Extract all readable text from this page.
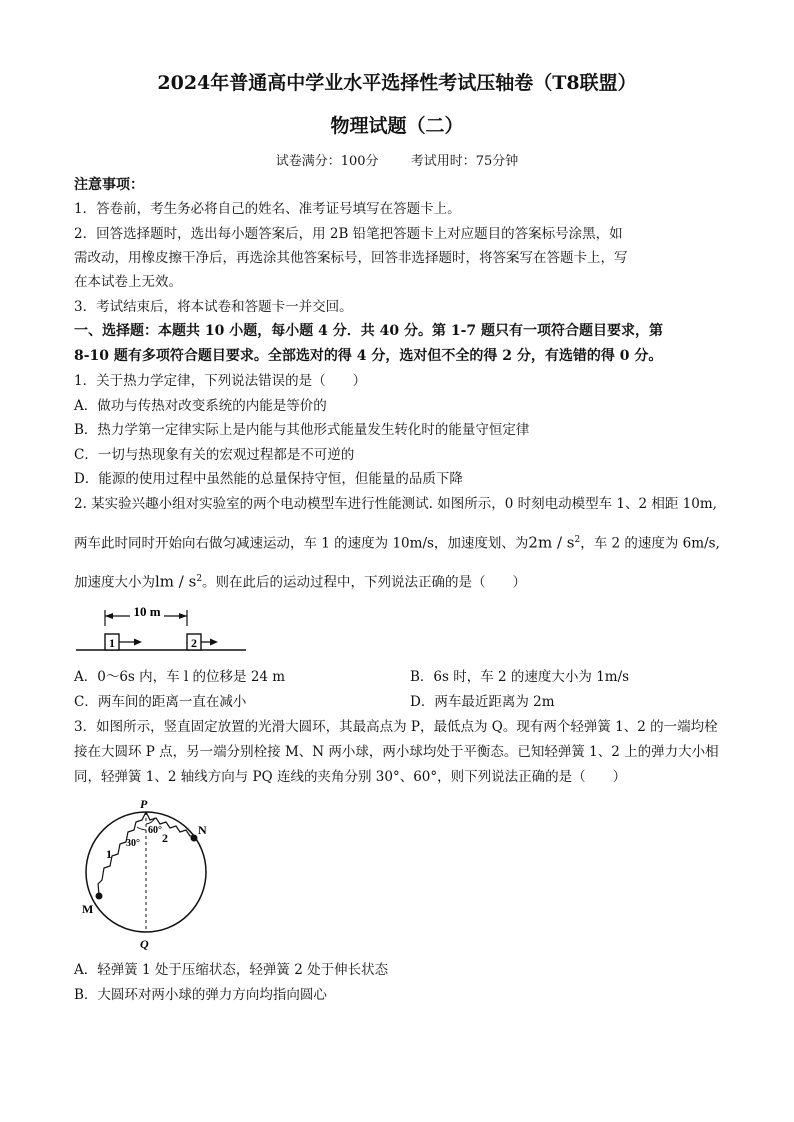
2024年普通高中学业水平选择性考试压轴卷（T8联盟）
物理试题（二）
试卷满分：100分 考试用时：75分钟
注意事项：
1．答卷前，考生务必将自己的姓名、准考证号填写在答题卡上。
2．回答选择题时，选出每小题答案后，用 2B 铅笔把答题卡上对应题目的答案标号涂黑，如
需改动，用橡皮擦干净后，再选涂其他答案标号，回答非选择题时，将答案写在答题卡上，写
在本试卷上无效。
3．考试结束后，将本试卷和答题卡一并交回。
一、选择题：本题共 10 小题，每小题 4 分．共 40 分。第 1-7 题只有一项符合题目要求，第
8-10 题有多项符合题目要求。全部选对的得 4 分，选对但不全的得 2 分，有选错的得 0 分。
1．关于热力学定律，下列说法错误的是（　　）
A．做功与传热对改变系统的内能是等价的
B．热力学第一定律实际上是内能与其他形式能量发生转化时的能量守恒定律
C．一切与热现象有关的宏观过程都是不可逆的
D．能源的使用过程中虽然能的总量保持守恒，但能量的品质下降
2. 某实验兴趣小组对实验室的两个电动模型车进行性能测试. 如图所示，0 时刻电动模型车 1、2 相距 10m,
两车此时同时开始向右做匀减速运动，车 1 的速度为 10m/s，加速度划、为$2m / s^2$，车 2 的速度为 6m/s,
加速度大小为lm / $s^2$。则在此后的运动过程中，下列说法正确的是（　　）
10 m
1	2
A．0～6s 内，车 l 的位移是 24 m	B．6s 时，车 2 的速度大小为 1m/s
C．两车间的距离一直在减小	D．两车最近距离为 2m
3．如图所示，竖直固定放置的光滑大圆环，其最高点为 P，最低点为 Q。现有两个轻弹簧 1、2 的一端均栓
接在大圆环 P 点，另一端分别栓接 M、N 两小球，两小球均处于平衡态。已知轻弹簧 1、2 上的弹力大小相
同，轻弹簧 1、2 轴线方向与 PQ 连线的夹角分别 30°、60°，则下列说法正确的是（　　）
P
Q
M
N
1
2
30°
60°
A．轻弹簧 1 处于压缩状态，轻弹簧 2 处于伸长状态
B．大圆环对两小球的弹力方向均指向圆心
